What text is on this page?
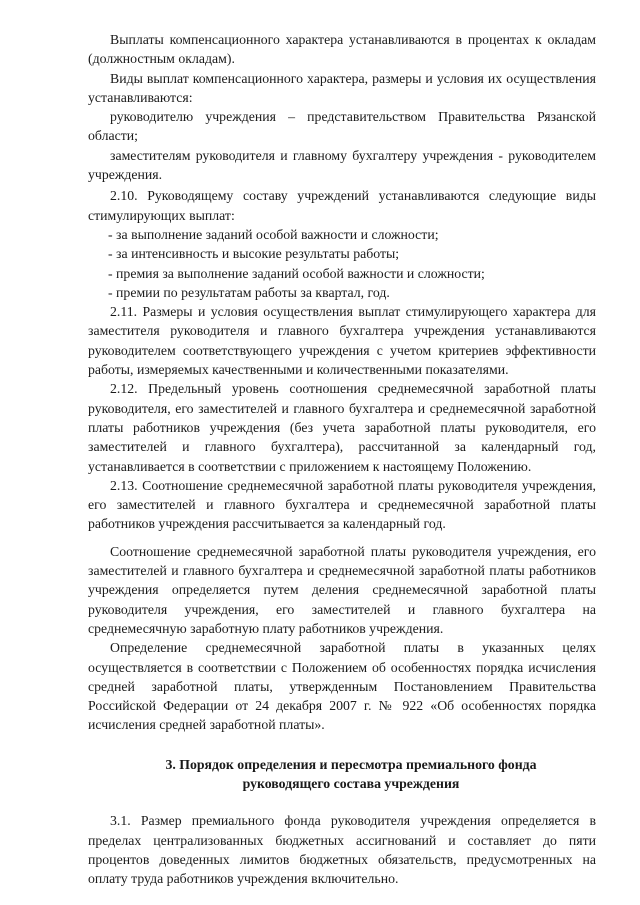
Выплаты компенсационного характера устанавливаются в процентах к окладам (должностным окладам).

Виды выплат компенсационного характера, размеры и условия их осуществления устанавливаются:

руководителю учреждения – представительством Правительства Рязанской области;

заместителям руководителя и главному бухгалтеру учреждения - руководителем учреждения.

2.10. Руководящему составу учреждений устанавливаются следующие виды стимулирующих выплат:

- за выполнение заданий особой важности и сложности;

- за интенсивность и высокие результаты работы;

- премия за выполнение заданий особой важности и сложности;

- премии по результатам работы за квартал, год.

2.11. Размеры и условия осуществления выплат стимулирующего характера для заместителя руководителя и главного бухгалтера учреждения устанавливаются руководителем соответствующего учреждения с учетом критериев эффективности работы, измеряемых качественными и количественными показателями.

2.12. Предельный уровень соотношения среднемесячной заработной платы руководителя, его заместителей и главного бухгалтера и среднемесячной заработной платы работников учреждения (без учета заработной платы руководителя, его заместителей и главного бухгалтера), рассчитанной за календарный год, устанавливается в соответствии с приложением к настоящему Положению.

2.13. Соотношение среднемесячной заработной платы руководителя учреждения, его заместителей и главного бухгалтера и среднемесячной заработной платы работников учреждения рассчитывается за календарный год.

Соотношение среднемесячной заработной платы руководителя учреждения, его заместителей и главного бухгалтера и среднемесячной заработной платы работников учреждения определяется путем деления среднемесячной заработной платы руководителя учреждения, его заместителей и главного бухгалтера на среднемесячную заработную плату работников учреждения.

Определение среднемесячной заработной платы в указанных целях осуществляется в соответствии с Положением об особенностях порядка исчисления средней заработной платы, утвержденным Постановлением Правительства Российской Федерации от 24 декабря 2007 г. № 922 «Об особенностях порядка исчисления средней заработной платы».

3. Порядок определения и пересмотра премиального фонда
руководящего состава учреждения

3.1. Размер премиального фонда руководителя учреждения определяется в пределах централизованных бюджетных ассигнований и составляет до пяти процентов доведенных лимитов бюджетных обязательств, предусмотренных на оплату труда работников учреждения включительно.
